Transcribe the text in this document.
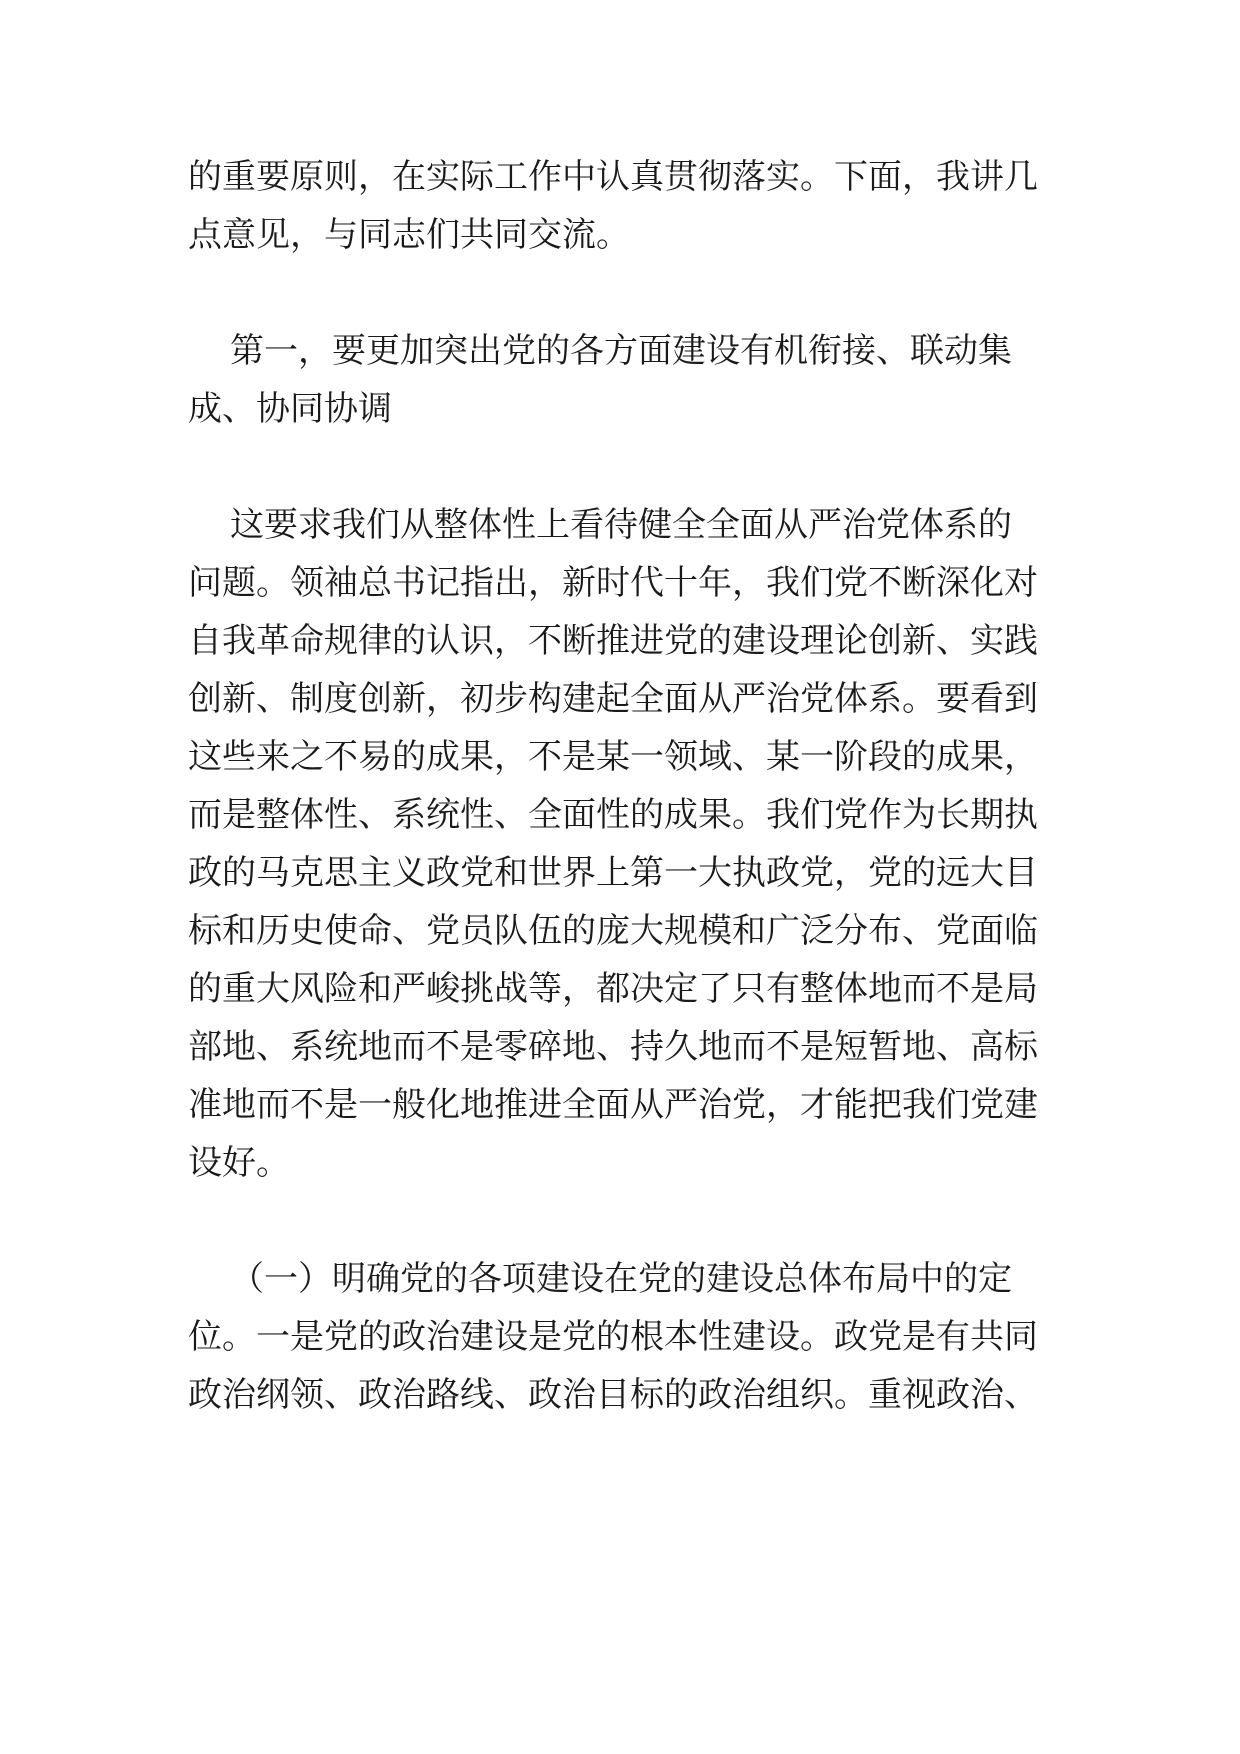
的重要原则，在实际工作中认真贯彻落实。下面，我讲几
点意见，与同志们共同交流。
第一，要更加突出党的各方面建设有机衔接、联动集
成、协同协调
这要求我们从整体性上看待健全全面从严治党体系的
问题。领袖总书记指出，新时代十年，我们党不断深化对
自我革命规律的认识，不断推进党的建设理论创新、实践
创新、制度创新，初步构建起全面从严治党体系。要看到
这些来之不易的成果，不是某一领域、某一阶段的成果，
而是整体性、系统性、全面性的成果。我们党作为长期执
政的马克思主义政党和世界上第一大执政党，党的远大目
标和历史使命、党员队伍的庞大规模和广泛分布、党面临
的重大风险和严峻挑战等，都决定了只有整体地而不是局
部地、系统地而不是零碎地、持久地而不是短暂地、高标
准地而不是一般化地推进全面从严治党，才能把我们党建
设好。
（一）明确党的各项建设在党的建设总体布局中的定
位。一是党的政治建设是党的根本性建设。政党是有共同
政治纲领、政治路线、政治目标的政治组织。重视政治、
